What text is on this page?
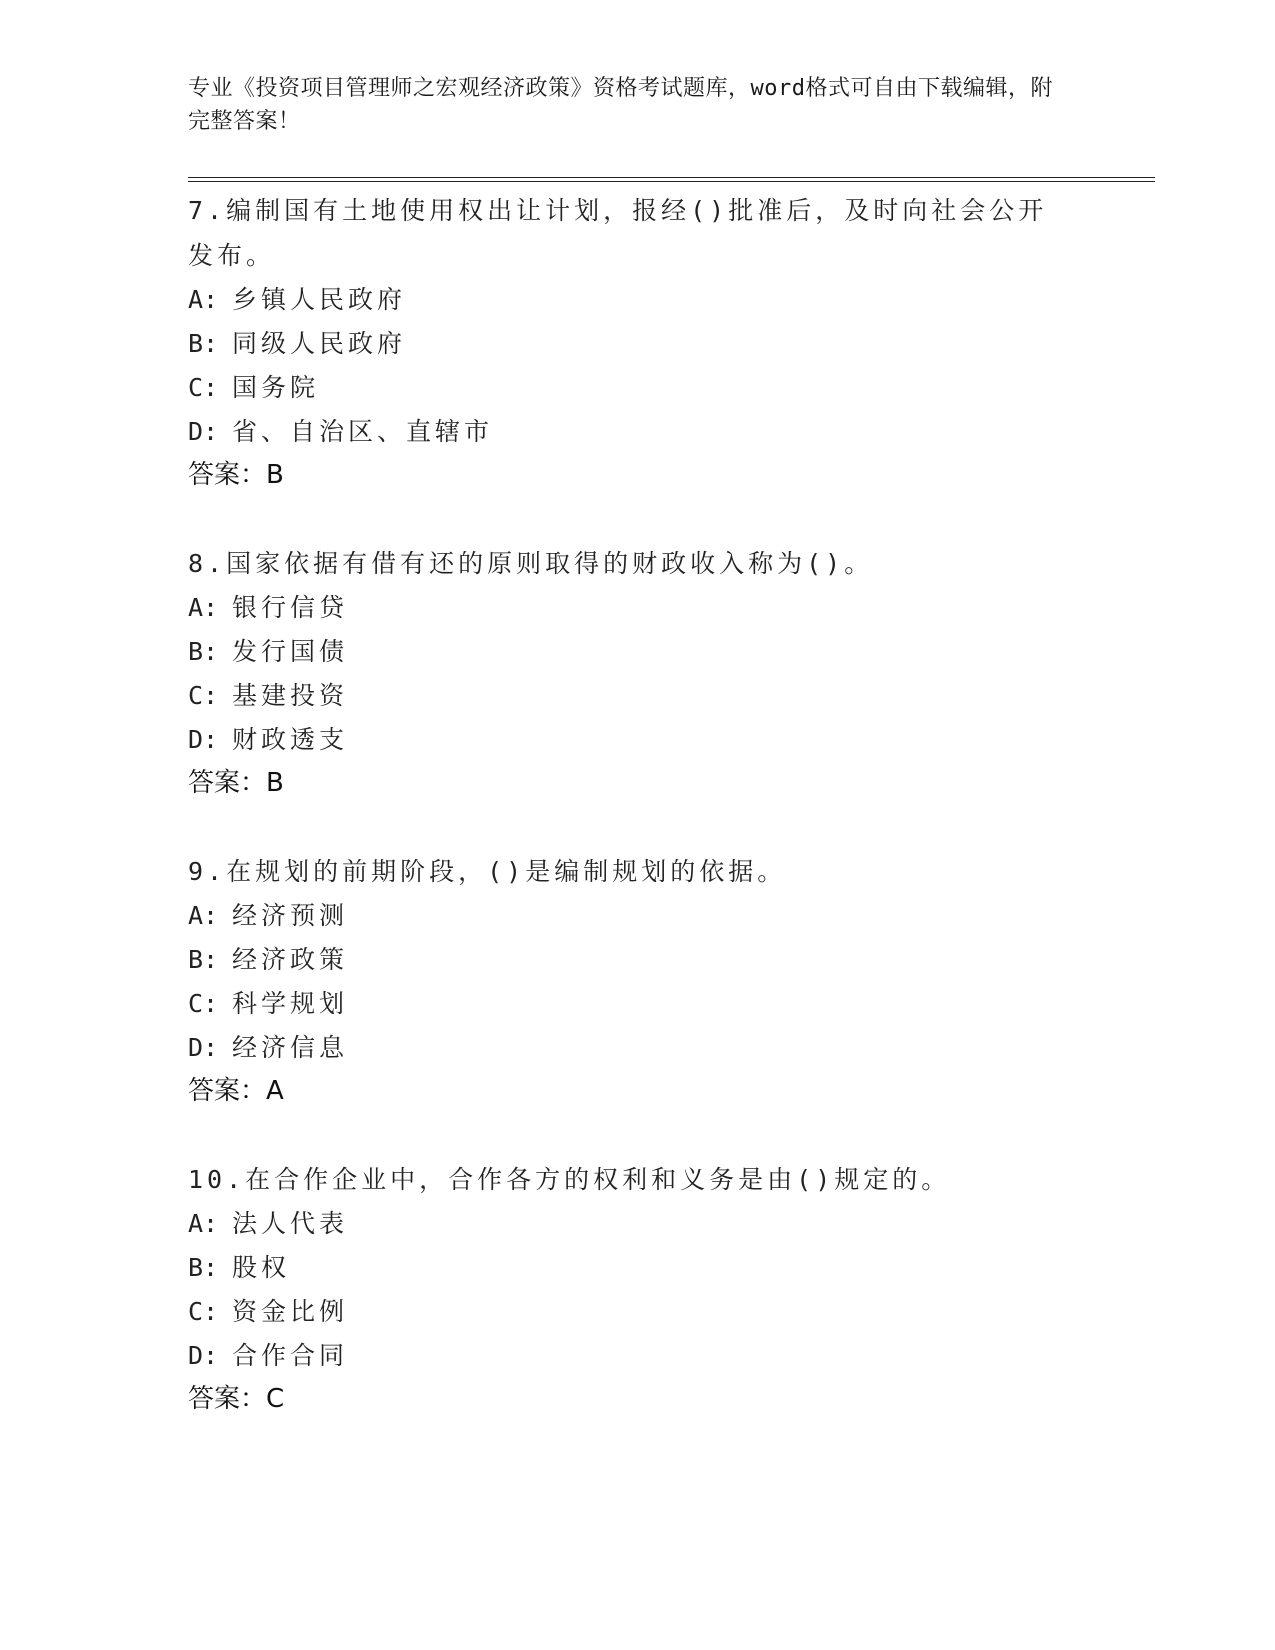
专业《投资项目管理师之宏观经济政策》资格考试题库，word格式可自由下载编辑，附完整答案！
7.编制国有土地使用权出让计划，报经()批准后，及时向社会公开发布。
A: 乡镇人民政府
B: 同级人民政府
C: 国务院
D: 省、自治区、直辖市
答案：B
8.国家依据有借有还的原则取得的财政收入称为()。
A: 银行信贷
B: 发行国债
C: 基建投资
D: 财政透支
答案：B
9.在规划的前期阶段，()是编制规划的依据。
A: 经济预测
B: 经济政策
C: 科学规划
D: 经济信息
答案：A
10.在合作企业中，合作各方的权利和义务是由()规定的。
A: 法人代表
B: 股权
C: 资金比例
D: 合作合同
答案：C
